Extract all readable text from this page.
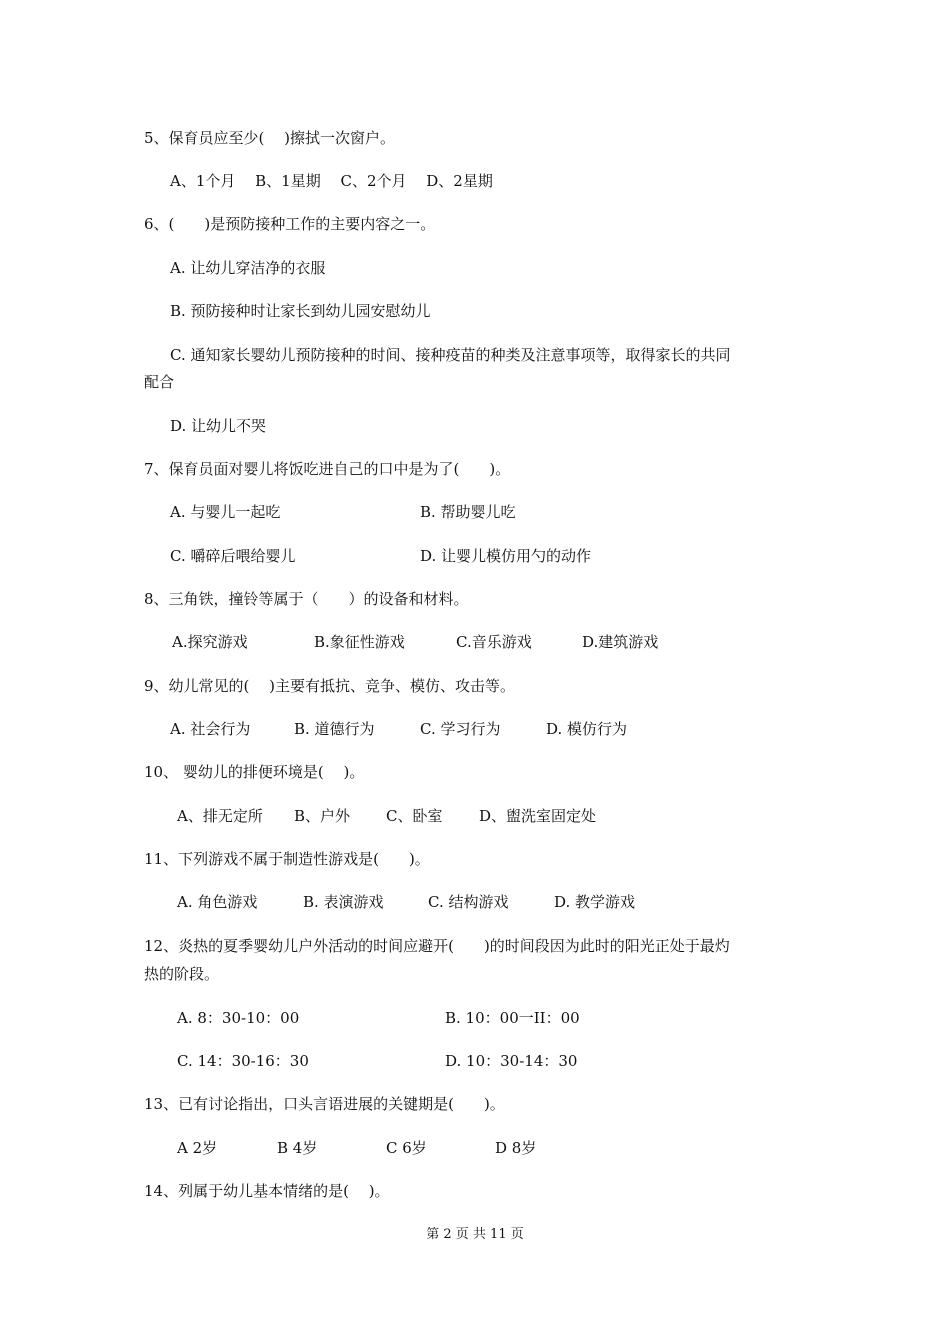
5、保育员应至少(　 )擦拭一次窗户。
A、1个月　 B、1星期　 C、2个月　 D、2星期
6、(　　)是预防接种工作的主要内容之一。
A. 让幼儿穿洁净的衣服
B. 预防接种时让家长到幼儿园安慰幼儿
C. 通知家长婴幼儿预防接种的时间、接种疫苗的种类及注意事项等，取得家长的共同
配合
D. 让幼儿不哭
7、保育员面对婴儿将饭吃进自己的口中是为了(　　)。
A. 与婴儿一起吃	B. 帮助婴儿吃
C. 嚼碎后喂给婴儿	D. 让婴儿模仿用勺的动作
8、三角铁，撞铃等属于（　　）的设备和材料。
A.探究游戏	B.象征性游戏	C.音乐游戏	D.建筑游戏
9、幼儿常见的(　 )主要有抵抗、竞争、模仿、攻击等。
A. 社会行为	B. 道德行为	C. 学习行为	D. 模仿行为
10、 婴幼儿的排便环境是(　 )。
A、排无定所 B、户外 C、卧室 D、盥洗室固定处
11、下列游戏不属于制造性游戏是(　　)。
A. 角色游戏	B. 表演游戏	C. 结构游戏	D. 教学游戏
12、炎热的夏季婴幼儿户外活动的时间应避开(　　)的时间段因为此时的阳光正处于最灼
热的阶段。
A. 8：30-10：00	B. 10：00一II：00
C. 14：30-16：30	D. 10：30-14：30
13、已有讨论指出，口头言语进展的关键期是(　　)。
A 2岁	B 4岁	C 6岁	D 8岁
14、列属于幼儿基本情绪的是(　 )。
第 2 页 共 11 页
